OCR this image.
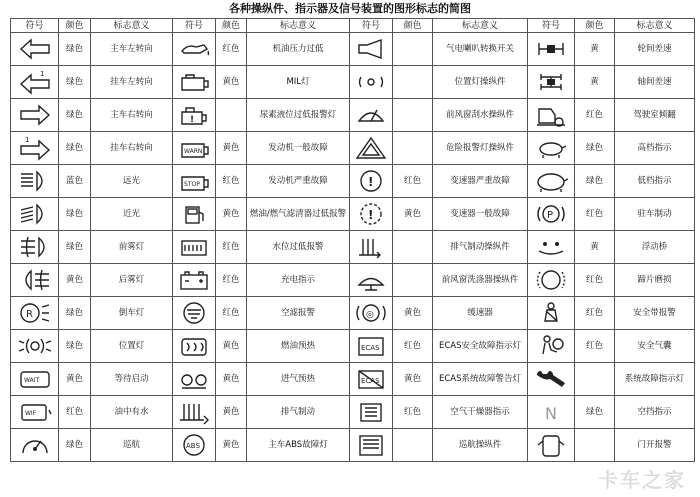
各种操纵件、指示器及信号装置的图形标志的简图
符号	颜色	标志意义	符号	颜色	标志意义	符号	颜色	标志意义	符号	颜色	标志意义

	绿色	主车左转向		红色	机油压力过低			气电喇叭转换开关		黄	轮间差速

1	绿色	挂车左转向		黄色	MIL灯			位置灯操纵件		黄	轴间差速

	绿色	主车右转向	!		尿素液位过低报警灯			前风窗刮水操纵件		红色	驾驶室倾翻

1	绿色	挂车右转向	WARN	黄色	发动机一般故障			危险报警灯操纵件		绿色	高档指示

	蓝色	远光	STOP	红色	发动机严重故障	!	红色	变速器严重故障		绿色	低档指示

	绿色	近光		黄色	燃油/燃气滤清器过低报警	!	黄色	变速器一般故障	P	红色	驻车制动

	绿色	前雾灯		红色	水位过低报警			排气制动操纵件		黄	浮动桥

	黄色	后雾灯		红色	充电指示			前风窗洗涤器操纵件		红色	蹄片磨损

R	绿色	倒车灯		红色	空滤报警	◎	黄色	缓速器		红色	安全带报警

	绿色	位置灯		黄色	燃油预热	ECAS	红色	ECAS安全故障指示灯		红色	安全气囊

WAIT	黄色	等待启动		黄色	进气预热	ECAS	黄色	ECAS系统故障警告灯			系统故障指示灯

WIF	红色	油中有水		黄色	排气制动		红色	空气干燥器指示	N	绿色	空挡指示

	绿色	巡航	ABS	黄色	主车ABS故障灯			巡航操纵件			门开报警
卡车之家
